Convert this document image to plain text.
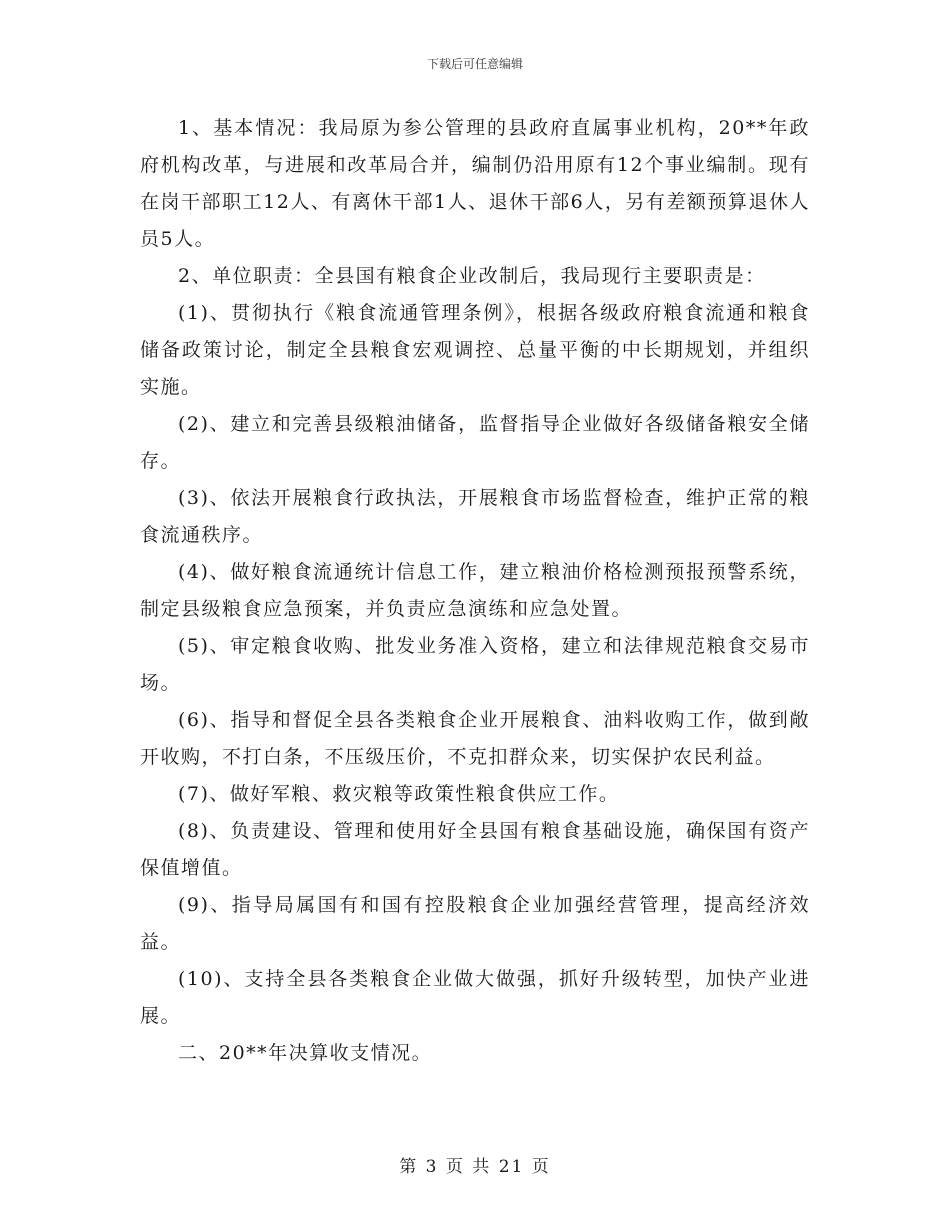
下载后可任意编辑

1、基本情况：我局原为参公管理的县政府直属事业机构，20**年政府机构改革，与进展和改革局合并，编制仍沿用原有12个事业编制。现有在岗干部职工12人、有离休干部1人、退休干部6人，另有差额预算退休人员5人。

2、单位职责：全县国有粮食企业改制后，我局现行主要职责是：

(1)、贯彻执行《粮食流通管理条例》，根据各级政府粮食流通和粮食储备政策讨论，制定全县粮食宏观调控、总量平衡的中长期规划，并组织实施。

(2)、建立和完善县级粮油储备，监督指导企业做好各级储备粮安全储存。

(3)、依法开展粮食行政执法，开展粮食市场监督检查，维护正常的粮食流通秩序。

(4)、做好粮食流通统计信息工作，建立粮油价格检测预报预警系统，制定县级粮食应急预案，并负责应急演练和应急处置。

(5)、审定粮食收购、批发业务准入资格，建立和法律规范粮食交易市场。

(6)、指导和督促全县各类粮食企业开展粮食、油料收购工作，做到敞开收购，不打白条，不压级压价，不克扣群众来，切实保护农民利益。

(7)、做好军粮、救灾粮等政策性粮食供应工作。

(8)、负责建设、管理和使用好全县国有粮食基础设施，确保国有资产保值增值。

(9)、指导局属国有和国有控股粮食企业加强经营管理，提高经济效益。

(10)、支持全县各类粮食企业做大做强，抓好升级转型，加快产业进展。

二、20**年决算收支情况。

第 3 页 共 21 页
